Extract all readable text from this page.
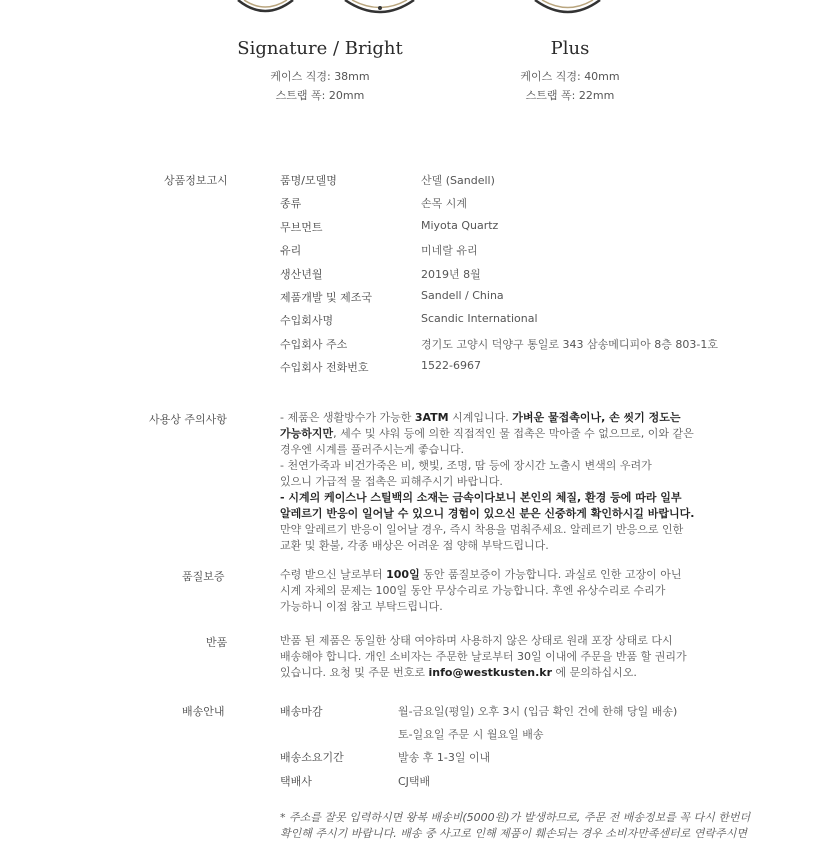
Signature / Bright
케이스 직경: 38mm
스트랩 폭: 20mm
Plus
케이스 직경: 40mm
스트랩 폭: 22mm
상품정보고시	품명/모델명	산델 (Sandell)
종류	손목 시계
무브먼트	Miyota Quartz
유리	미네랄 유리
생산년월	2019년 8월
제품개발 및 제조국	Sandell / China
수입회사명	Scandic International
수입회사 주소	경기도 고양시 덕양구 통일로 343 삼송메디피아 8층 803-1호
수입회사 전화번호	1522-6967
사용상 주의사항	- 제품은 생활방수가 가능한 3ATM 시계입니다. 가벼운 물접촉이나, 손 씻기 정도는
가능하지만, 세수 및 샤워 등에 의한 직접적인 물 접촉은 막아줄 수 없으므로, 이와 같은
경우엔 시계를 풀러주시는게 좋습니다.
- 천연가죽과 비건가죽은 비, 햇빛, 조명, 땀 등에 장시간 노출시 변색의 우려가
있으니 가급적 물 접촉은 피해주시기 바랍니다.
- 시계의 케이스나 스틸백의 소재는 금속이다보니 본인의 체질, 환경 등에 따라 일부
알레르기 반응이 일어날 수 있으니 경험이 있으신 분은 신중하게 확인하시길 바랍니다.
만약 알레르기 반응이 일어날 경우, 즉시 착용을 멈춰주세요. 알레르기 반응으로 인한
교환 및 환불, 각종 배상은 어려운 점 양해 부탁드립니다.
품질보증	수령 받으신 날로부터 100일 동안 품질보증이 가능합니다. 과실로 인한 고장이 아닌
시계 자체의 문제는 100일 동안 무상수리로 가능합니다. 후엔 유상수리로 수리가
가능하니 이점 참고 부탁드립니다.
반품	반품 된 제품은 동일한 상태 여야하며 사용하지 않은 상태로 원래 포장 상태로 다시
배송해야 합니다. 개인 소비자는 주문한 날로부터 30일 이내에 주문을 반품 할 권리가
있습니다. 요청 및 주문 번호로 info@westkusten.kr 에 문의하십시오.
배송안내	배송마감	월-금요일(평일) 오후 3시 (입금 확인 건에 한해 당일 배송)
토-일요일 주문 시 월요일 배송
배송소요기간	발송 후 1-3일 이내
택배사	CJ택배
* 주소를 잘못 입력하시면 왕복 배송비(5000원)가 발생하므로, 주문 전 배송정보를 꼭 다시 한번더
확인해 주시기 바랍니다. 배송 중 사고로 인해 제품이 훼손되는 경우 소비자만족센터로 연락주시면
